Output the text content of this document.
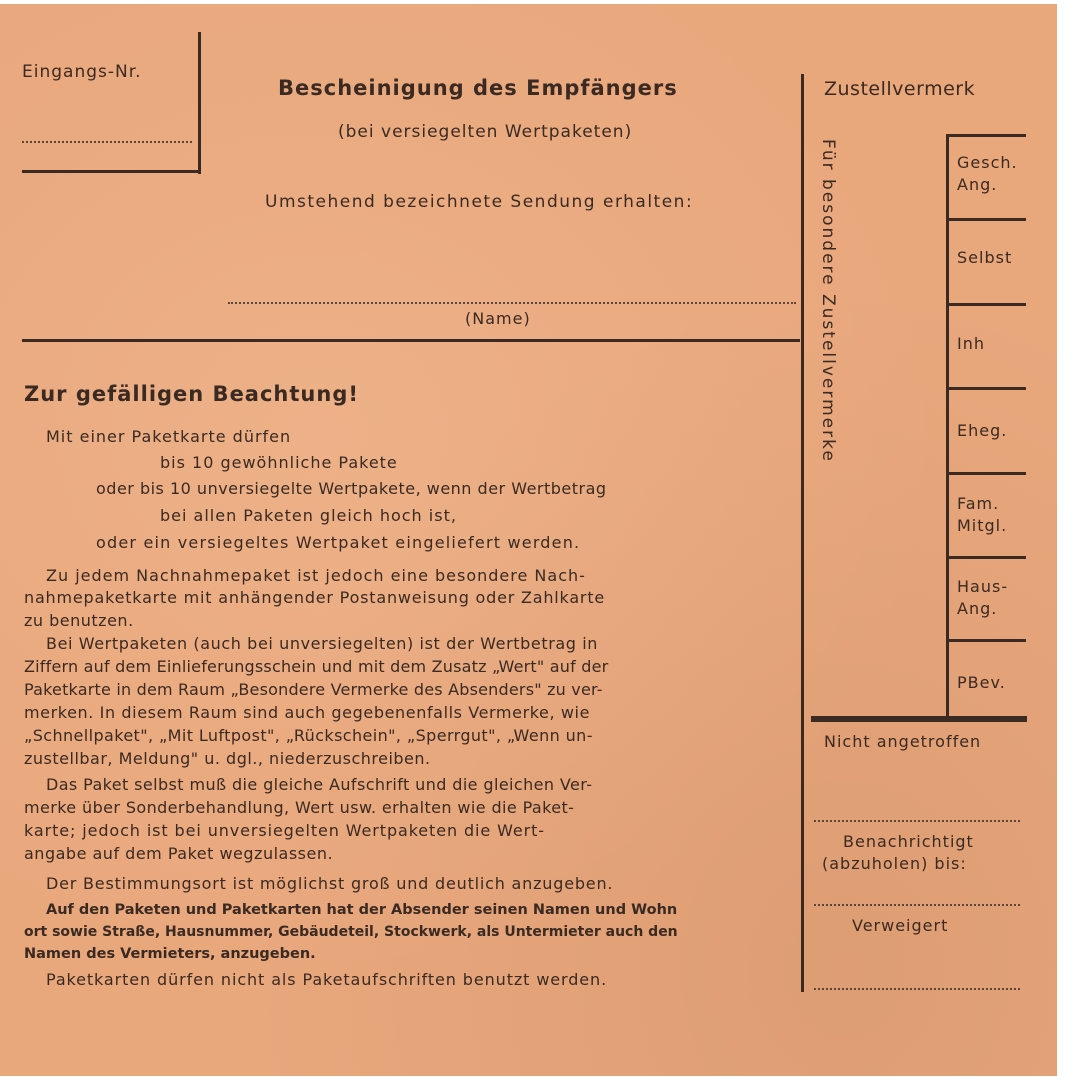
Eingangs-Nr.
Bescheinigung des Empfängers
(bei versiegelten Wertpaketen)
Umstehend bezeichnete Sendung erhalten:
(Name)
Zur gefälligen Beachtung!
Mit einer Paketkarte dürfen
bis 10 gewöhnliche Pakete
oder bis 10 unversiegelte Wertpakete, wenn der Wertbetrag
bei allen Paketen gleich hoch ist,
oder ein versiegeltes Wertpaket eingeliefert werden.
Zu jedem Nachnahmepaket ist jedoch eine besondere Nach-
nahmepaketkarte mit anhängender Postanweisung oder Zahlkarte
zu benutzen.
Bei Wertpaketen (auch bei unversiegelten) ist der Wertbetrag in
Ziffern auf dem Einlieferungsschein und mit dem Zusatz „Wert" auf der
Paketkarte in dem Raum „Besondere Vermerke des Absenders" zu ver-
merken. In diesem Raum sind auch gegebenenfalls Vermerke, wie
„Schnellpaket", „Mit Luftpost", „Rückschein", „Sperrgut", „Wenn un-
zustellbar, Meldung" u. dgl., niederzuschreiben.
Das Paket selbst muß die gleiche Aufschrift und die gleichen Ver-
merke über Sonderbehandlung, Wert usw. erhalten wie die Paket-
karte; jedoch ist bei unversiegelten Wertpaketen die Wert-
angabe auf dem Paket wegzulassen.
Der Bestimmungsort ist möglichst groß und deutlich anzugeben.
Auf den Paketen und Paketkarten hat der Absender seinen Namen und Wohn
ort sowie Straße, Hausnummer, Gebäudeteil, Stockwerk, als Untermieter auch den
Namen des Vermieters, anzugeben.
Paketkarten dürfen nicht als Paketaufschriften benutzt werden.
Zustellvermerk
Für besondere Zustellvermerke	Gesch.
Ang.
Selbst
Inh
Eheg.
Fam.
Mitgl.
Haus-
Ang.
PBev.
Nicht angetroffen
Benachrichtigt
(abzuholen) bis:
Verweigert
